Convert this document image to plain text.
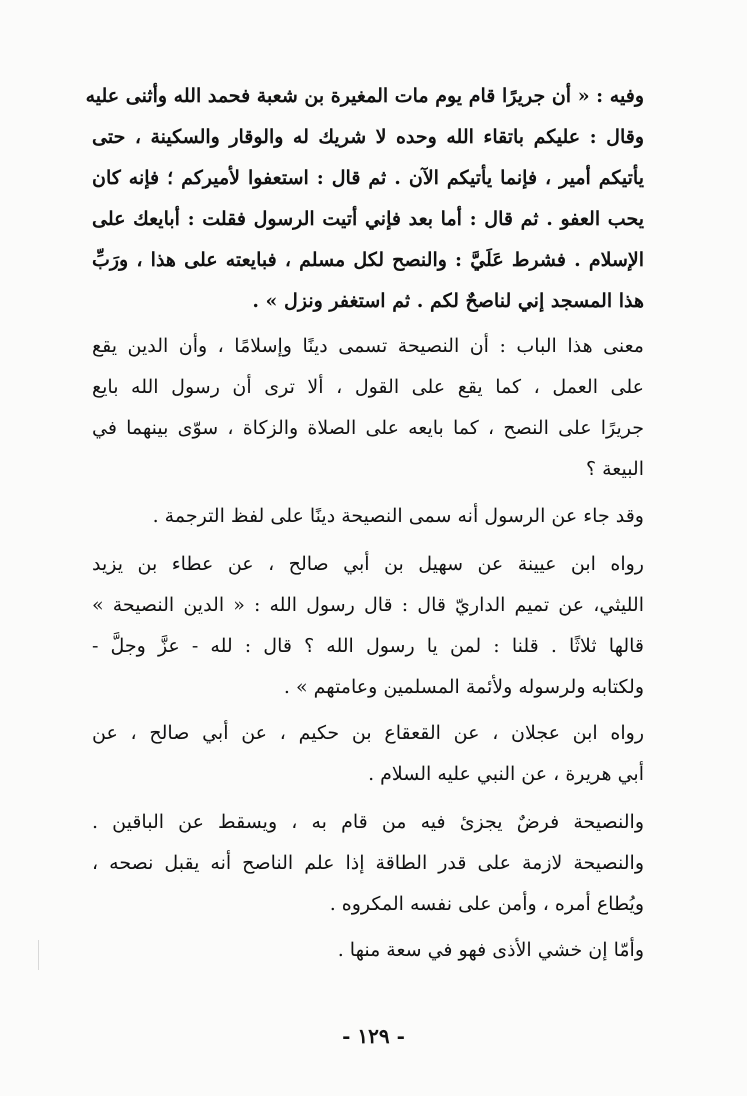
وفيه : « أن جريرًا قام يوم مات المغيرة بن شعبة فحمد الله وأثنى عليه
وقال : عليكم باتقاء الله وحده لا شريك له والوقار والسكينة ، حتى
يأتيكم أمير ، فإنما يأتيكم الآن . ثم قال : استعفوا لأميركم ؛ فإنه كان
يحب العفو . ثم قال : أما بعد فإني أتيت الرسول فقلت : أبايعك على
الإسلام . فشرط عَلَيَّ : والنصح لكل مسلم ، فبايعته على هذا ، ورَبِّ
هذا المسجد إني لناصحٌ لكم . ثم استغفر ونزل » .
معنى هذا الباب : أن النصيحة تسمى دينًا وإسلامًا ، وأن الدين يقع
على العمل ، كما يقع على القول ، ألا ترى أن رسول الله بايع
جريرًا على النصح ، كما بايعه على الصلاة والزكاة ، سوّى بينهما في
البيعة ؟
وقد جاء عن الرسول أنه سمى النصيحة دينًا على لفظ الترجمة .
رواه ابن عيينة عن سهيل بن أبي صالح ، عن عطاء بن يزيد
الليثي، عن تميم الداريّ قال : قال رسول الله : « الدين النصيحة »
قالها ثلاثًا . قلنا : لمن يا رسول الله ؟ قال : لله - عزَّ وجلَّ -
ولكتابه ولرسوله ولأئمة المسلمين وعامتهم » .
رواه ابن عجلان ، عن القعقاع بن حكيم ، عن أبي صالح ، عن
أبي هريرة ، عن النبي عليه السلام .
والنصيحة فرضٌ يجزئ فيه من قام به ، ويسقط عن الباقين .
والنصيحة لازمة على قدر الطاقة إذا علم الناصح أنه يقبل نصحه ،
ويُطاع أمره ، وأمن على نفسه المكروه .
وأمّا إن خشي الأذى فهو في سعة منها .
- ١٢٩ -
